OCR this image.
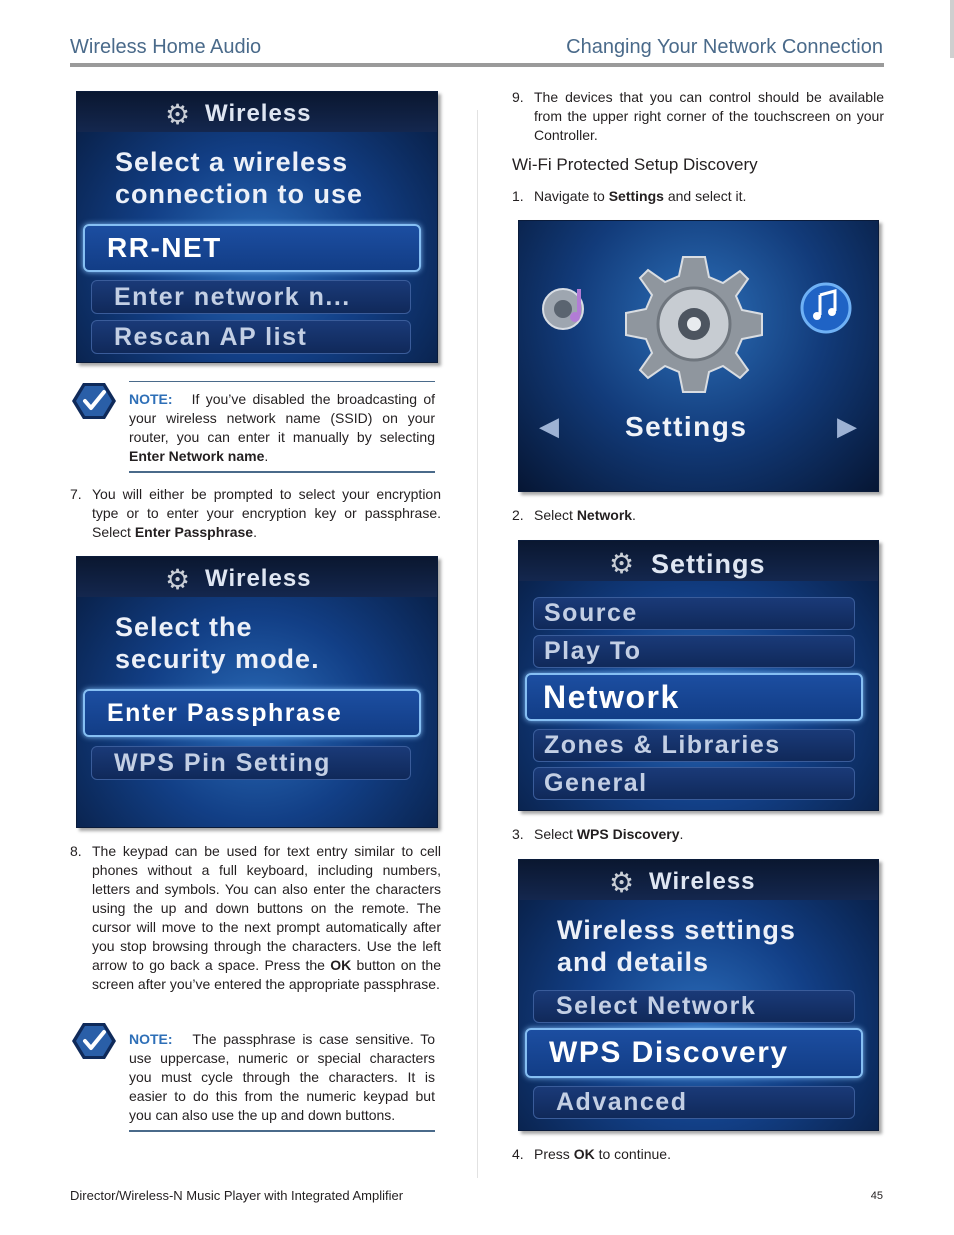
Wireless Home Audio	Changing Your Network Connection
⚙ Wireless
Select a wireless
connection to use
RR-NET
Enter network n...
Rescan AP list
NOTE: If you’ve disabled the broadcasting of your wireless network name (SSID) on your router, you can enter it manually by selecting Enter Network name.
7. You will either be prompted to select your encryption type or to enter your encryption key or passphrase. Select Enter Passphrase.
⚙ Wireless
Select the
security mode.
Enter Passphrase
WPS Pin Setting
8. The keypad can be used for text entry similar to cell phones without a full keyboard, including numbers, letters and symbols. You can also enter the characters using the up and down buttons on the remote. The cursor will move to the next prompt automatically after you stop browsing through the characters. Use the left arrow to go back a space. Press the OK button on the screen after you’ve entered the appropriate passphrase.
NOTE: The passphrase is case sensitive. To use uppercase, numeric or special characters you must cycle through the characters. It is easier to do this from the numeric keypad but you can also use the up and down buttons.
9. The devices that you can control should be available from the upper right corner of the touchscreen on your Controller.
Wi-Fi Protected Setup Discovery
1. Navigate to Settings and select it.
◀ Settings	▶
2. Select Network.
⚙ Settings
Source
Play To
Network
Zones & Libraries
General
3. Select WPS Discovery.
⚙ Wireless
Wireless settings
and details
Select Network
WPS Discovery
Advanced
4. Press OK to continue.
Director/Wireless-N Music Player with Integrated Amplifier	45
